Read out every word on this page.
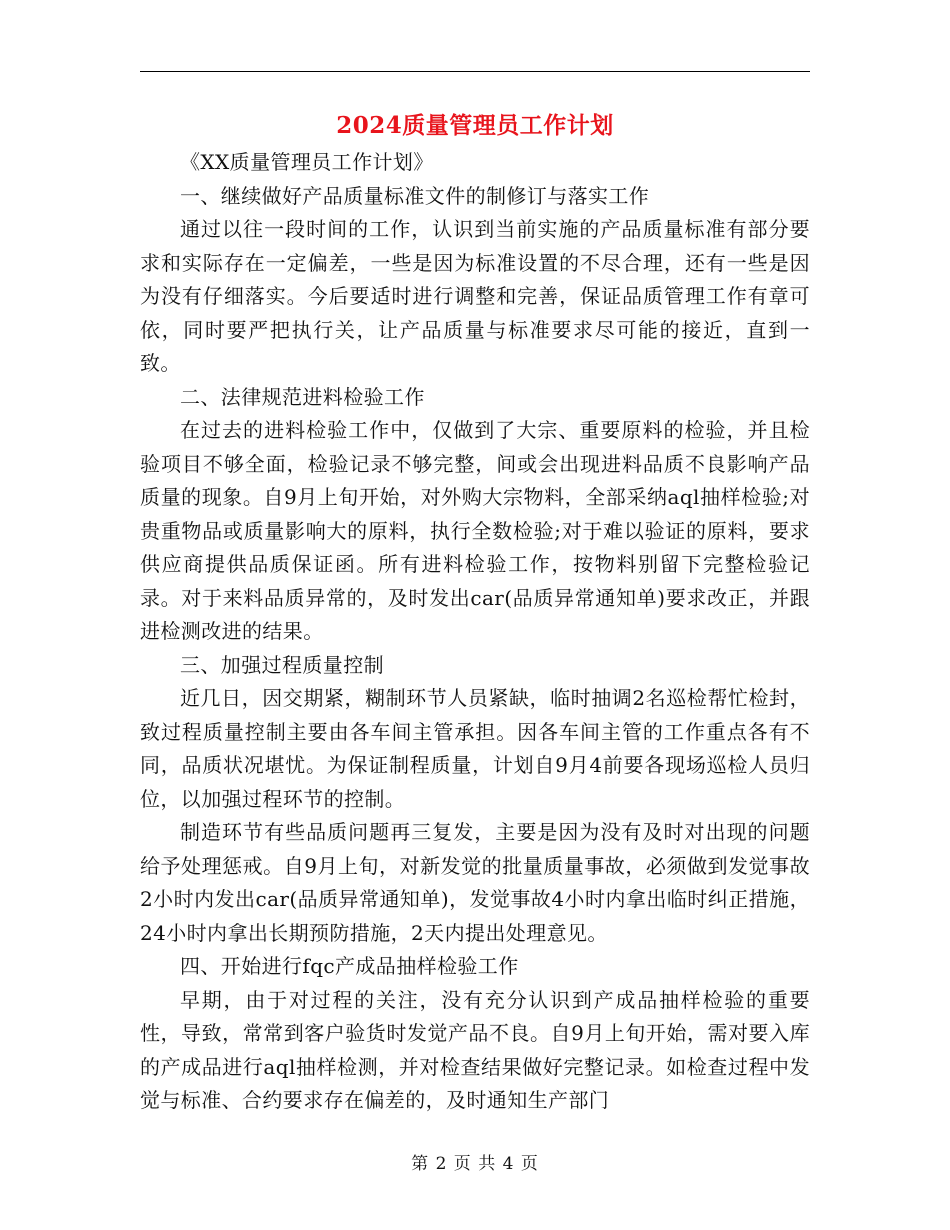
2024质量管理员工作计划

《XX质量管理员工作计划》

一、继续做好产品质量标准文件的制修订与落实工作

通过以往一段时间的工作，认识到当前实施的产品质量标准有部分要求和实际存在一定偏差，一些是因为标准设置的不尽合理，还有一些是因为没有仔细落实。今后要适时进行调整和完善，保证品质管理工作有章可依，同时要严把执行关，让产品质量与标准要求尽可能的接近，直到一致。

二、法律规范进料检验工作

在过去的进料检验工作中，仅做到了大宗、重要原料的检验，并且检验项目不够全面，检验记录不够完整，间或会出现进料品质不良影响产品质量的现象。自9月上旬开始，对外购大宗物料，全部采纳aql抽样检验;对贵重物品或质量影响大的原料，执行全数检验;对于难以验证的原料，要求供应商提供品质保证函。所有进料检验工作，按物料别留下完整检验记录。对于来料品质异常的，及时发出car(品质异常通知单)要求改正，并跟进检测改进的结果。

三、加强过程质量控制

近几日，因交期紧，糊制环节人员紧缺，临时抽调2名巡检帮忙检封，致过程质量控制主要由各车间主管承担。因各车间主管的工作重点各有不同，品质状况堪忧。为保证制程质量，计划自9月4前要各现场巡检人员归位，以加强过程环节的控制。

制造环节有些品质问题再三复发，主要是因为没有及时对出现的问题给予处理惩戒。自9月上旬，对新发觉的批量质量事故，必须做到发觉事故2小时内发出car(品质异常通知单)，发觉事故4小时内拿出临时纠正措施，24小时内拿出长期预防措施，2天内提出处理意见。

四、开始进行fqc产成品抽样检验工作

早期，由于对过程的关注，没有充分认识到产成品抽样检验的重要性，导致，常常到客户验货时发觉产品不良。自9月上旬开始，需对要入库的产成品进行aql抽样检测，并对检查结果做好完整记录。如检查过程中发觉与标准、合约要求存在偏差的，及时通知生产部门

第 2 页 共 4 页
